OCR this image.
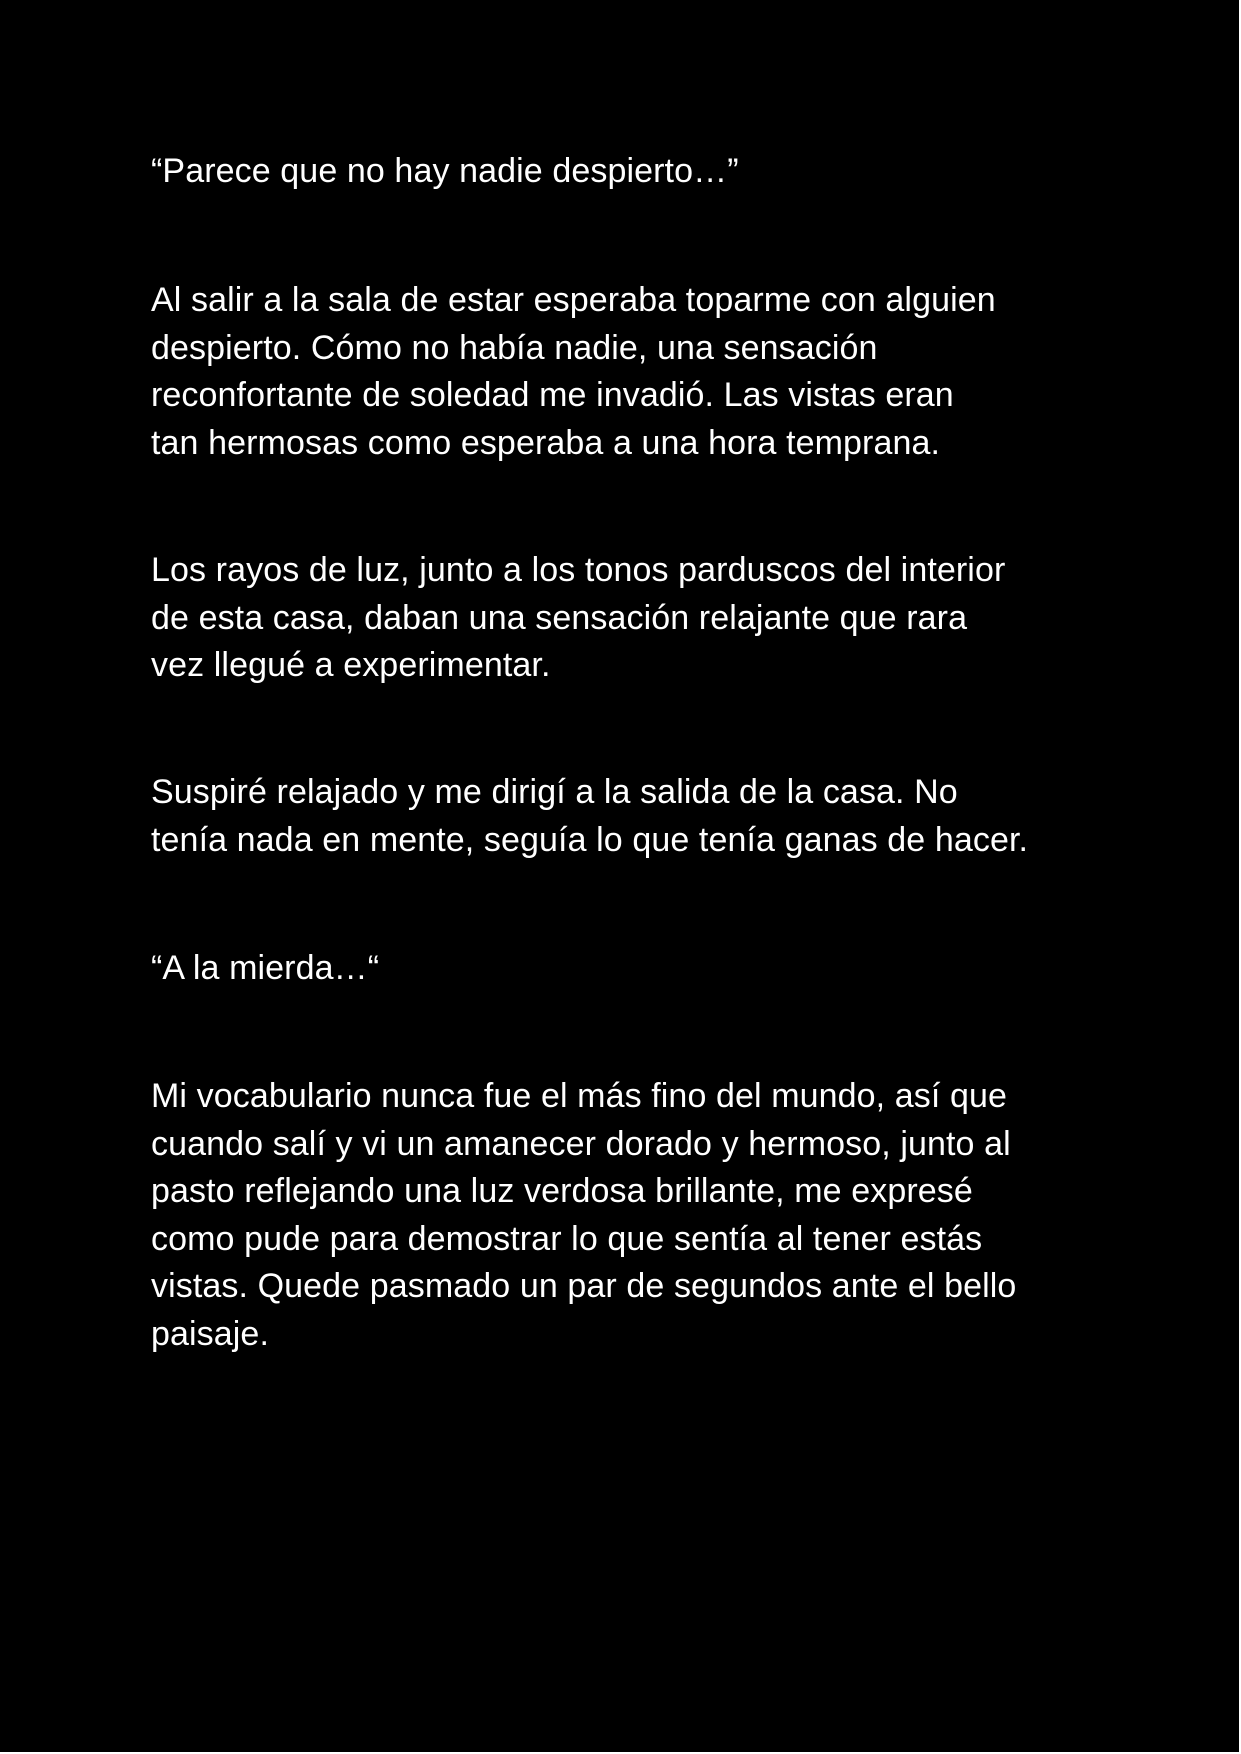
“Parece que no hay nadie despierto…”

Al salir a la sala de estar esperaba toparme con alguien
despierto. Cómo no había nadie, una sensación
reconfortante de soledad me invadió. Las vistas eran
tan hermosas como esperaba a una hora temprana.

Los rayos de luz, junto a los tonos parduscos del interior
de esta casa, daban una sensación relajante que rara
vez llegué a experimentar.

Suspiré relajado y me dirigí a la salida de la casa. No
tenía nada en mente, seguía lo que tenía ganas de hacer.

“A la mierda…“

Mi vocabulario nunca fue el más fino del mundo, así que
cuando salí y vi un amanecer dorado y hermoso, junto al
pasto reflejando una luz verdosa brillante, me expresé
como pude para demostrar lo que sentía al tener estás
vistas. Quede pasmado un par de segundos ante el bello
paisaje.
